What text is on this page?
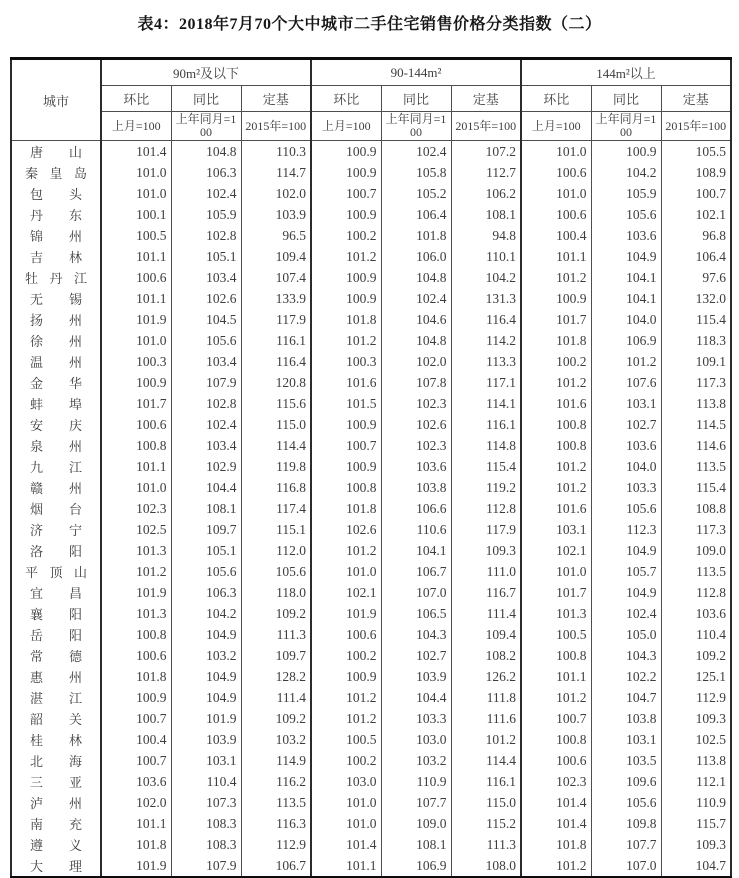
表4：2018年7月70个大中城市二手住宅销售价格分类指数（二）
城市	90m²及以下			90-144m²			144m²以上		
	环比	同比	定基	环比	同比	定基	环比	同比	定基
	上月=100	上年同月=100	2015年=100	上月=100	上年同月=100	2015年=100	上月=100	上年同月=100	2015年=100

唐 山	101.4	104.8	110.3	100.9	102.4	107.2	101.0	100.9	105.5

秦 皇 岛	101.0	106.3	114.7	100.9	105.8	112.7	100.6	104.2	108.9

包 头	101.0	102.4	102.0	100.7	105.2	106.2	101.0	105.9	100.7

丹 东	100.1	105.9	103.9	100.9	106.4	108.1	100.6	105.6	102.1

锦 州	100.5	102.8	96.5	100.2	101.8	94.8	100.4	103.6	96.8

吉 林	101.1	105.1	109.4	101.2	106.0	110.1	101.1	104.9	106.4

牡 丹 江	100.6	103.4	107.4	100.9	104.8	104.2	101.2	104.1	97.6

无 锡	101.1	102.6	133.9	100.9	102.4	131.3	100.9	104.1	132.0

扬 州	101.9	104.5	117.9	101.8	104.6	116.4	101.7	104.0	115.4

徐 州	101.0	105.6	116.1	101.2	104.8	114.2	101.8	106.9	118.3

温 州	100.3	103.4	116.4	100.3	102.0	113.3	100.2	101.2	109.1

金 华	100.9	107.9	120.8	101.6	107.8	117.1	101.2	107.6	117.3

蚌 埠	101.7	102.8	115.6	101.5	102.3	114.1	101.6	103.1	113.8

安 庆	100.6	102.4	115.0	100.9	102.6	116.1	100.8	102.7	114.5

泉 州	100.8	103.4	114.4	100.7	102.3	114.8	100.8	103.6	114.6

九 江	101.1	102.9	119.8	100.9	103.6	115.4	101.2	104.0	113.5

赣 州	101.0	104.4	116.8	100.8	103.8	119.2	101.2	103.3	115.4

烟 台	102.3	108.1	117.4	101.8	106.6	112.8	101.6	105.6	108.8

济 宁	102.5	109.7	115.1	102.6	110.6	117.9	103.1	112.3	117.3

洛 阳	101.3	105.1	112.0	101.2	104.1	109.3	102.1	104.9	109.0

平 顶 山	101.2	105.6	105.6	101.0	106.7	111.0	101.0	105.7	113.5

宜 昌	101.9	106.3	118.0	102.1	107.0	116.7	101.7	104.9	112.8

襄 阳	101.3	104.2	109.2	101.9	106.5	111.4	101.3	102.4	103.6

岳 阳	100.8	104.9	111.3	100.6	104.3	109.4	100.5	105.0	110.4

常 德	100.6	103.2	109.7	100.2	102.7	108.2	100.8	104.3	109.2

惠 州	101.8	104.9	128.2	100.9	103.9	126.2	101.1	102.2	125.1

湛 江	100.9	104.9	111.4	101.2	104.4	111.8	101.2	104.7	112.9

韶 关	100.7	101.9	109.2	101.2	103.3	111.6	100.7	103.8	109.3

桂 林	100.4	103.9	103.2	100.5	103.0	101.2	100.8	103.1	102.5

北 海	100.7	103.1	114.9	100.2	103.2	114.4	100.6	103.5	113.8

三 亚	103.6	110.4	116.2	103.0	110.9	116.1	102.3	109.6	112.1

泸 州	102.0	107.3	113.5	101.0	107.7	115.0	101.4	105.6	110.9

南 充	101.1	108.3	116.3	101.0	109.0	115.2	101.4	109.8	115.7

遵 义	101.8	108.3	112.9	101.4	108.1	111.3	101.8	107.7	109.3

大 理	101.9	107.9	106.7	101.1	106.9	108.0	101.2	107.0	104.7
